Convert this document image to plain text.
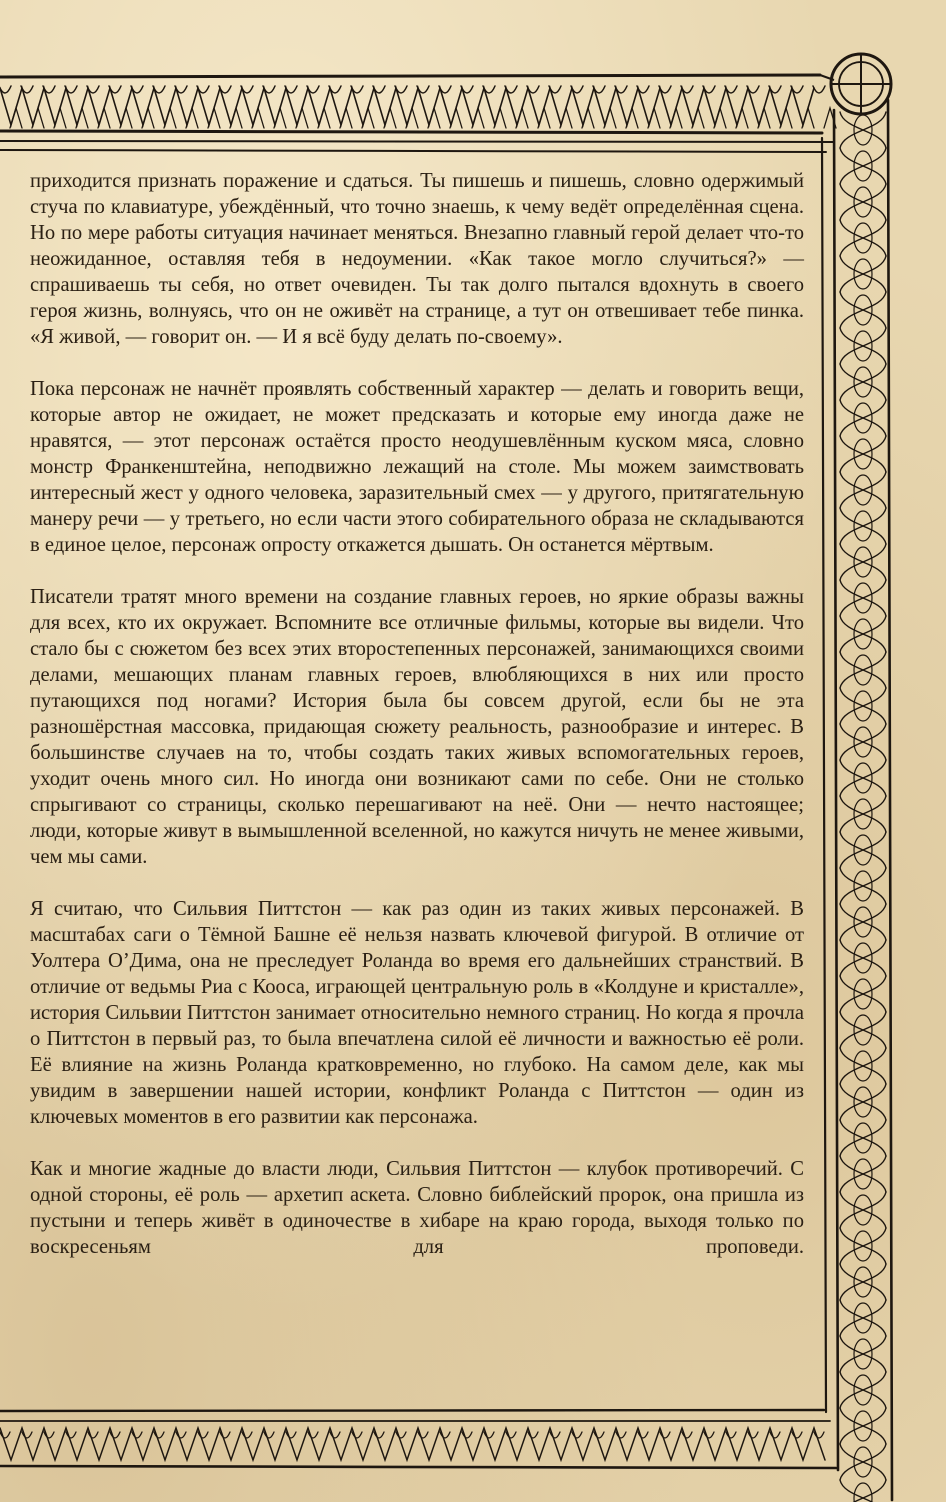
приходится признать поражение и сдаться. Ты пишешь и пишешь, словно одержимый стуча по клавиатуре, убеждённый, что точно знаешь, к чему ведёт определённая сцена. Но по мере работы ситуация начинает меняться. Внезапно главный герой делает что-то неожиданное, оставляя тебя в недоумении. «Как такое могло случиться?» — спрашиваешь ты себя, но ответ очевиден. Ты так долго пытался вдохнуть в своего героя жизнь, волнуясь, что он не оживёт на странице, а тут он отвешивает тебе пинка. «Я живой, — говорит он. — И я всё буду делать по-своему».

Пока персонаж не начнёт проявлять собственный характер — делать и говорить вещи, которые автор не ожидает, не может предсказать и которые ему иногда даже не нравятся, — этот персонаж остаётся просто неодушевлённым куском мяса, словно монстр Франкенштейна, неподвижно лежащий на столе. Мы можем заимствовать интересный жест у одного человека, заразительный смех — у другого, притягательную манеру речи — у третьего, но если части этого собирательного образа не складываются в единое целое, персонаж опросту откажется дышать. Он останется мёртвым.

Писатели тратят много времени на создание главных героев, но яркие образы важны для всех, кто их окружает. Вспомните все отличные фильмы, которые вы видели. Что стало бы с сюжетом без всех этих второстепенных персонажей, занимающихся своими делами, мешающих планам главных героев, влюбляющихся в них или просто путающихся под ногами? История была бы совсем другой, если бы не эта разношёрстная массовка, придающая сюжету реальность, разнообразие и интерес. В большинстве случаев на то, чтобы создать таких живых вспомогательных героев, уходит очень много сил. Но иногда они возникают сами по себе. Они не столько спрыгивают со страницы, сколько перешагивают на неё. Они — нечто настоящее; люди, которые живут в вымышленной вселенной, но кажутся ничуть не менее живыми, чем мы сами.

Я считаю, что Сильвия Питтстон — как раз один из таких живых персонажей. В масштабах саги о Тёмной Башне её нельзя назвать ключевой фигурой. В отличие от Уолтера О’Дима, она не преследует Роланда во время его дальнейших странствий. В отличие от ведьмы Риа с Кооса, играющей центральную роль в «Колдуне и кристалле», история Сильвии Питтстон занимает относительно немного страниц. Но когда я прочла о Питтстон в первый раз, то была впечатлена силой её личности и важностью её роли. Её влияние на жизнь Роланда кратковременно, но глубоко. На самом деле, как мы увидим в завершении нашей истории, конфликт Роланда с Питтстон — один из ключевых моментов в его развитии как персонажа.

Как и многие жадные до власти люди, Сильвия Питтстон — клубок противоречий. С одной стороны, её роль — архетип аскета. Словно библейский пророк, она пришла из пустыни и теперь живёт в одиночестве в хибаре на краю города, выходя только по воскресеньям для проповеди.
